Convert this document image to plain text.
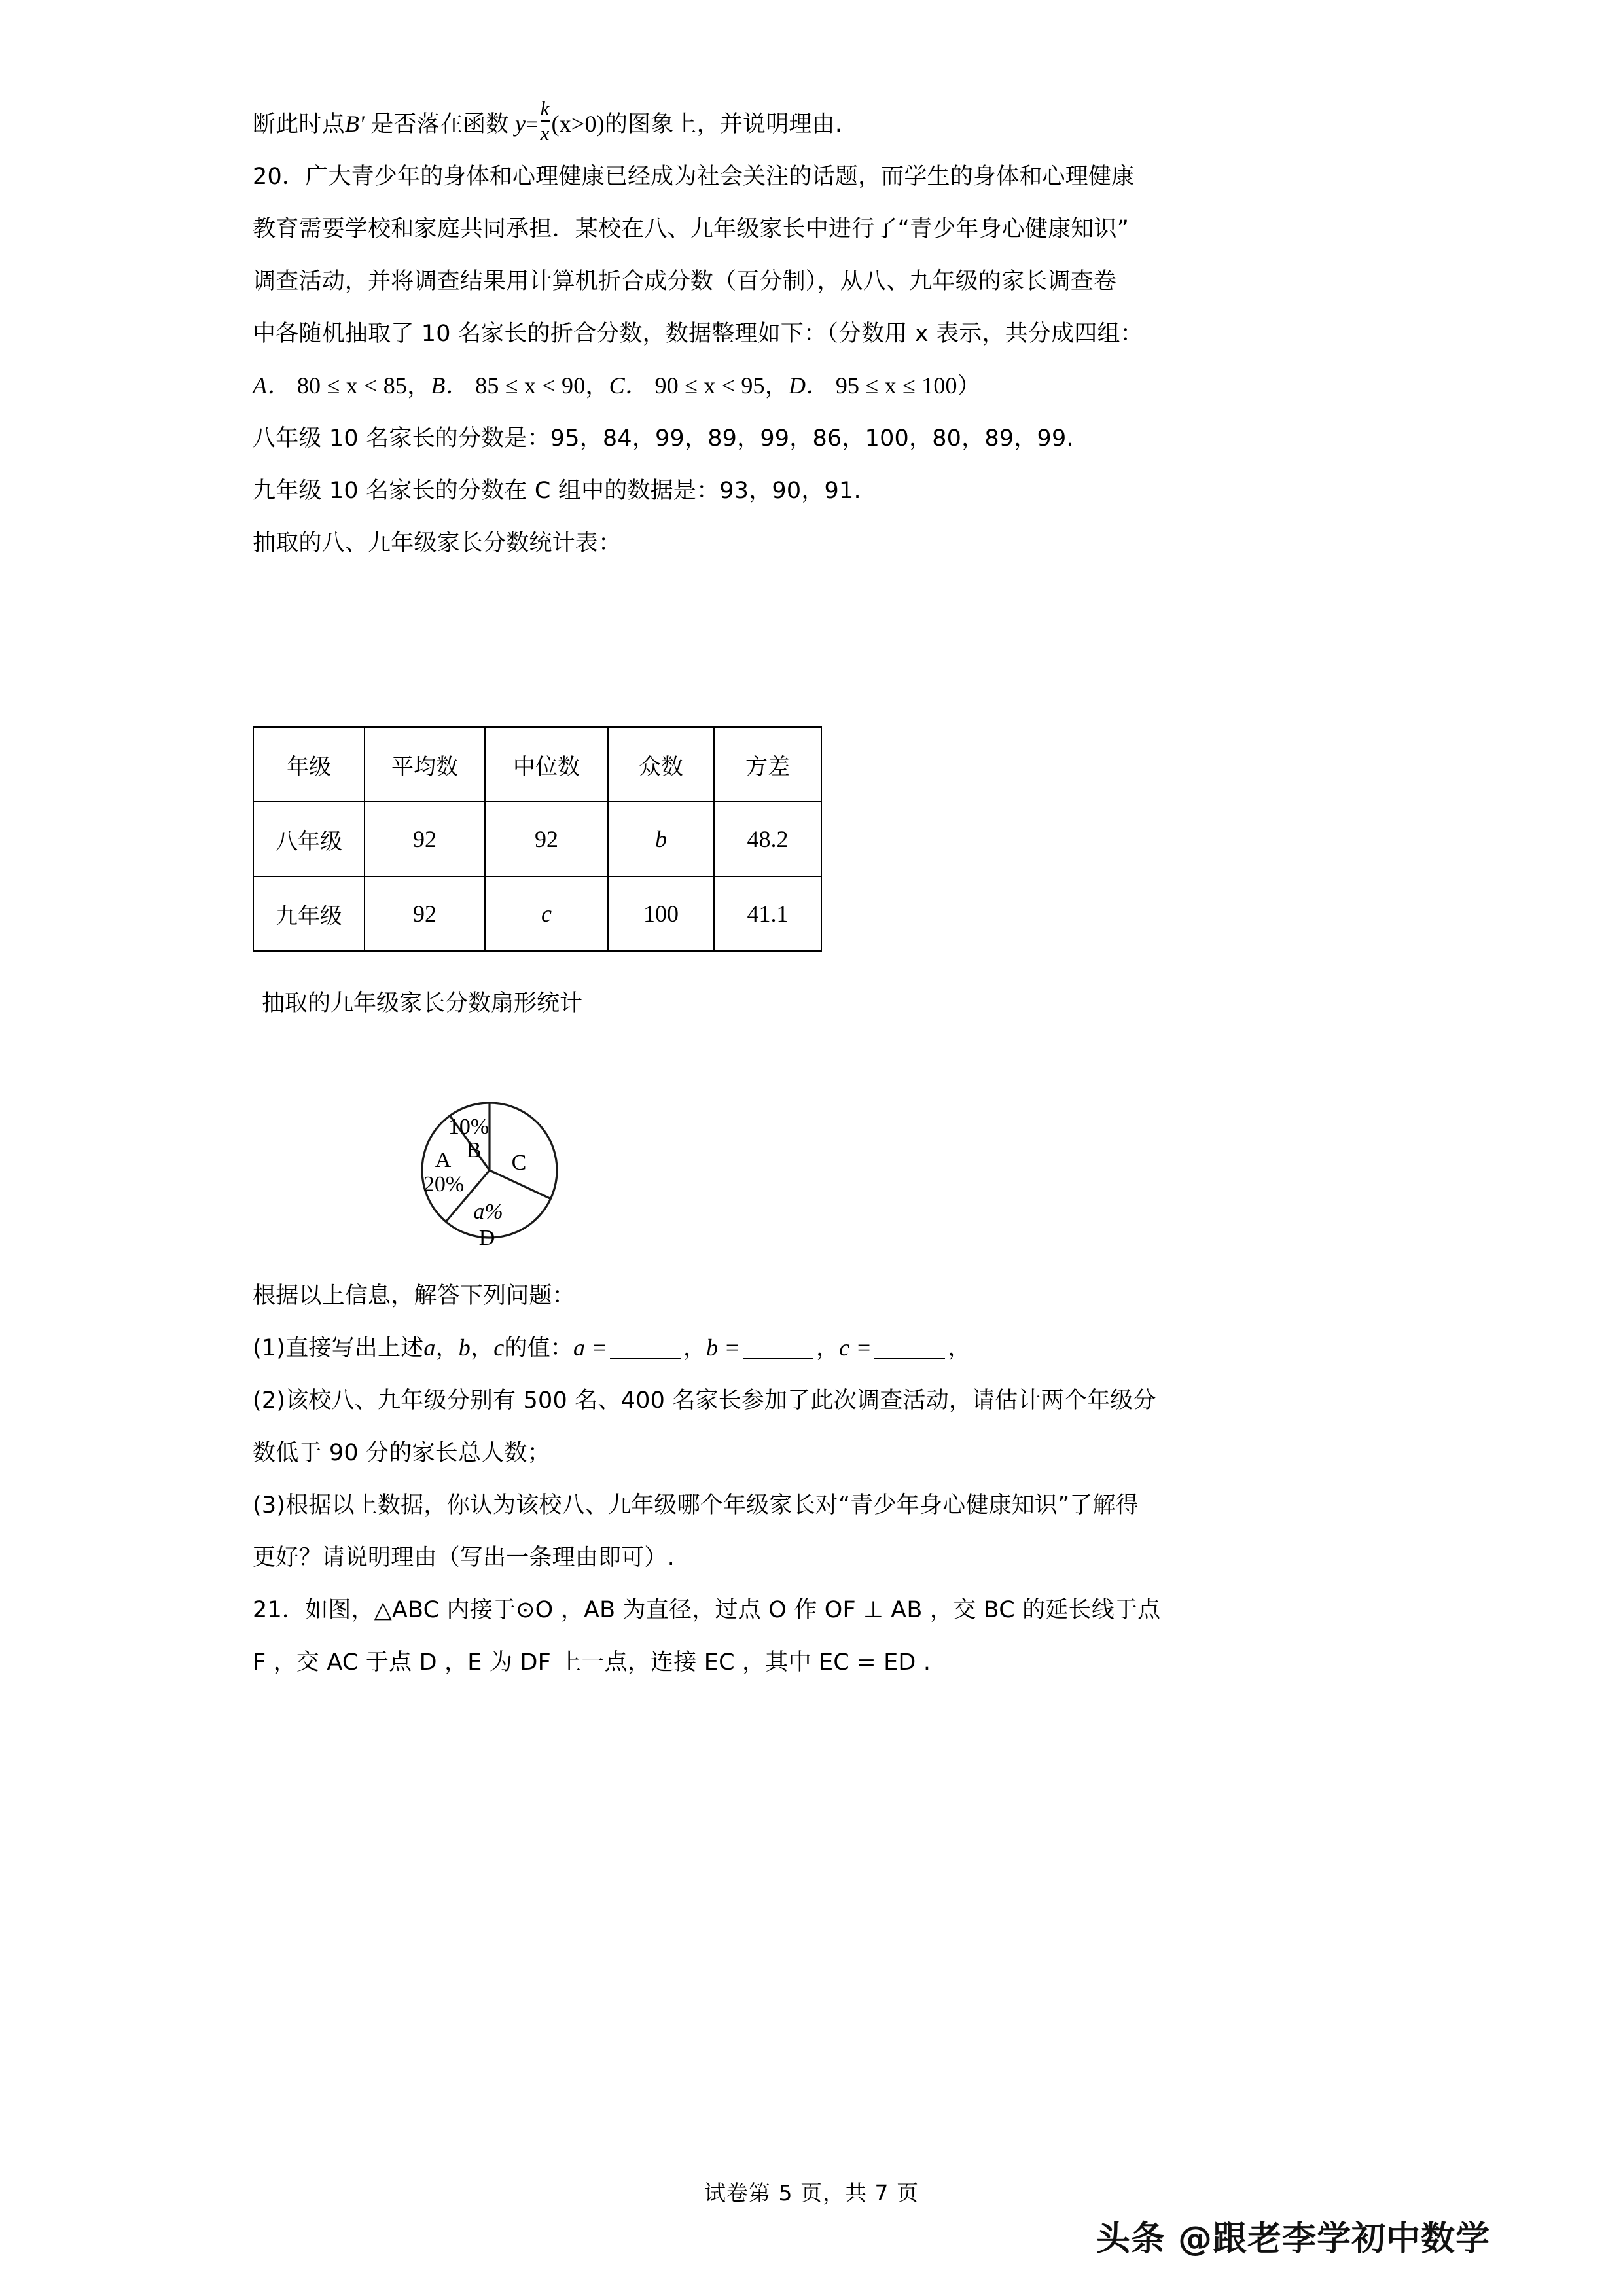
断此时点B' 是否落在函数 $y= \frac{k}{x} (x>0)$的图象上，并说明理由.
20．广大青少年的身体和心理健康已经成为社会关注的话题，而学生的身体和心理健康
教育需要学校和家庭共同承担．某校在八、九年级家长中进行了“青少年身心健康知识”
调查活动，并将调查结果用计算机折合成分数（百分制），从八、九年级的家长调查卷
中各随机抽取了 10 名家长的折合分数，数据整理如下：（分数用 x 表示，共分成四组：
A． 80 ≤ x < 85，B． 85 ≤ x < 90，C． 90 ≤ x < 95，D． 95 ≤ x ≤ 100）
八年级 10 名家长的分数是：95，84，99，89，99，86，100，80，89，99.
九年级 10 名家长的分数在 C 组中的数据是：93，90，91.
抽取的八、九年级家长分数统计表：
年级	平均数	中位数	众数	方差
八年级	92	92	b	48.2
九年级	92	c	100	41.1
抽取的九年级家长分数扇形统计
10%
B
A
20%
C
a%
D
根据以上信息，解答下列问题：
(1)直接写出上述a，b，c的值：a =	，b =	，c =	，
(2)该校八、九年级分别有 500 名、400 名家长参加了此次调查活动，请估计两个年级分
数低于 90 分的家长总人数；
(3)根据以上数据，你认为该校八、九年级哪个年级家长对“青少年身心健康知识”了解得
更好？请说明理由（写出一条理由即可）.
21．如图，△ABC 内接于⊙O ，AB 为直径，过点 O 作 OF ⊥ AB ，交 BC 的延长线于点
F ，交 AC 于点 D ，E 为 DF 上一点，连接 EC ，其中 EC = ED .
试卷第 5 页，共 7 页
头条 @跟老李学初中数学
